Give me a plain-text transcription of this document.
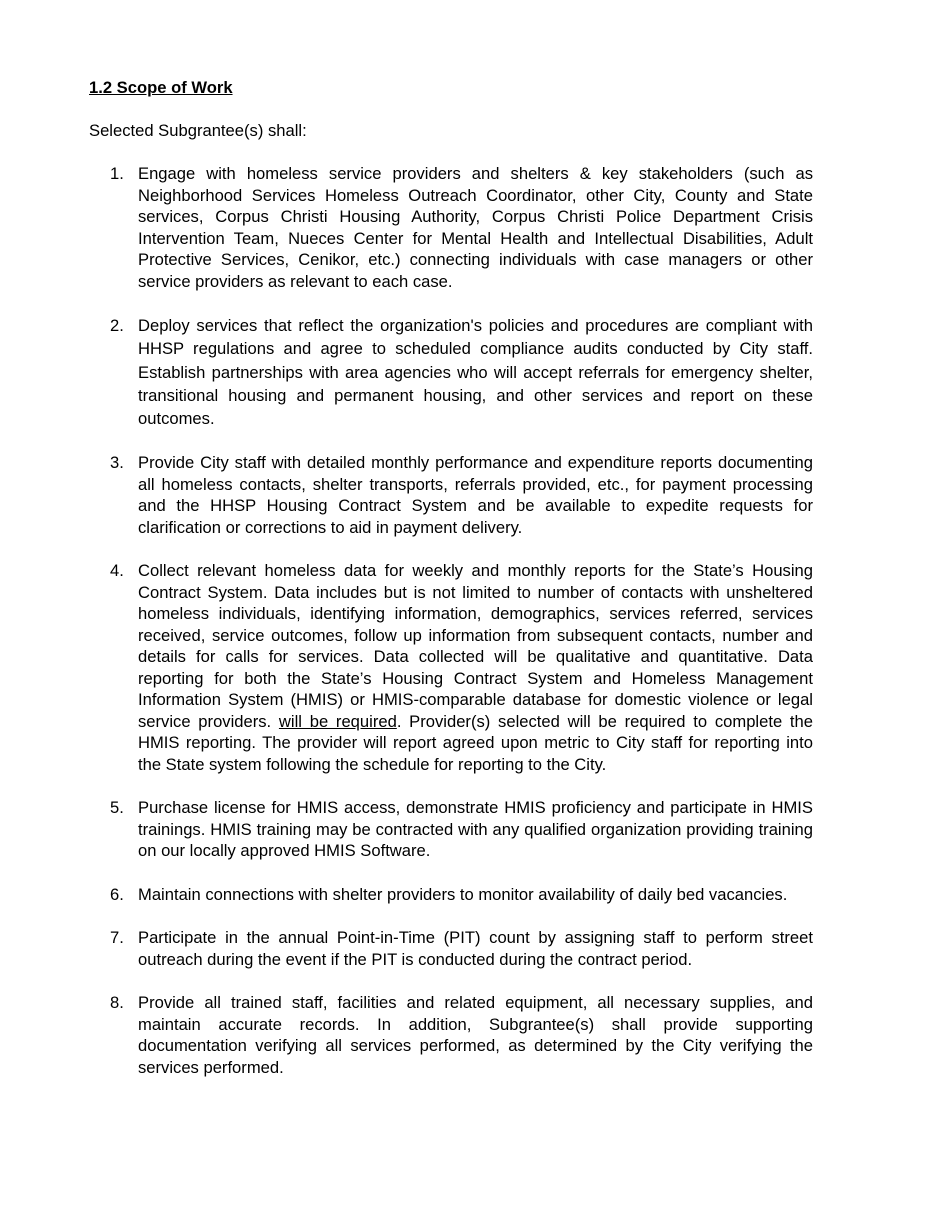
1.2 Scope of Work
Selected Subgrantee(s) shall:
1. Engage with homeless service providers and shelters & key stakeholders (such as Neighborhood Services Homeless Outreach Coordinator, other City, County and State services, Corpus Christi Housing Authority, Corpus Christi Police Department Crisis Intervention Team, Nueces Center for Mental Health and Intellectual Disabilities, Adult Protective Services, Cenikor, etc.) connecting individuals with case managers or other service providers as relevant to each case.
2. Deploy services that reflect the organization's policies and procedures are compliant with HHSP regulations and agree to scheduled compliance audits conducted by City staff. Establish partnerships with area agencies who will accept referrals for emergency shelter, transitional housing and permanent housing, and other services and report on these outcomes.
3. Provide City staff with detailed monthly performance and expenditure reports documenting all homeless contacts, shelter transports, referrals provided, etc., for payment processing and the HHSP Housing Contract System and be available to expedite requests for clarification or corrections to aid in payment delivery.
4. Collect relevant homeless data for weekly and monthly reports for the State’s Housing Contract System. Data includes but is not limited to number of contacts with unsheltered homeless individuals, identifying information, demographics, services referred, services received, service outcomes, follow up information from subsequent contacts, number and details for calls for services. Data collected will be qualitative and quantitative. Data reporting for both the State’s Housing Contract System and Homeless Management Information System (HMIS) or HMIS-comparable database for domestic violence or legal service providers. will be required. Provider(s) selected will be required to complete the HMIS reporting. The provider will report agreed upon metric to City staff for reporting into the State system following the schedule for reporting to the City.
5. Purchase license for HMIS access, demonstrate HMIS proficiency and participate in HMIS trainings. HMIS training may be contracted with any qualified organization providing training on our locally approved HMIS Software.
6. Maintain connections with shelter providers to monitor availability of daily bed vacancies.
7. Participate in the annual Point-in-Time (PIT) count by assigning staff to perform street outreach during the event if the PIT is conducted during the contract period.
8. Provide all trained staff, facilities and related equipment, all necessary supplies, and maintain accurate records. In addition, Subgrantee(s) shall provide supporting documentation verifying all services performed, as determined by the City verifying the services performed.
